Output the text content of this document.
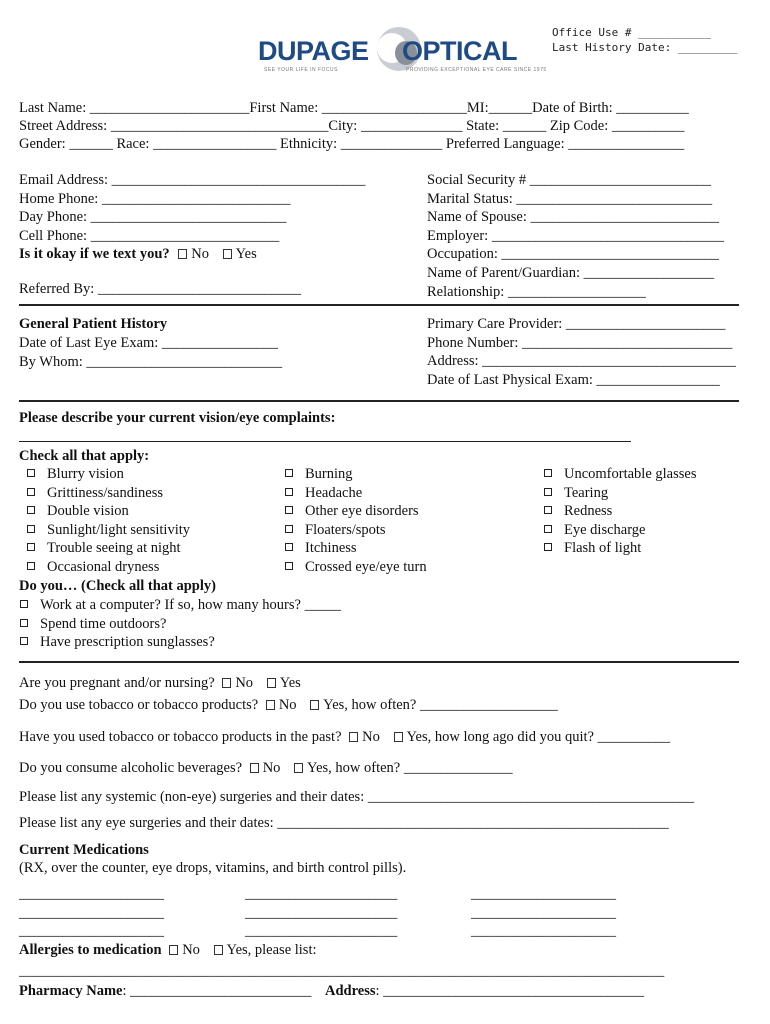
Office Use # ___________
Last History Date: _________
DUPAGE OPTICAL
SEE YOUR LIFE IN FOCUS	PROVIDING EXCEPTIONAL EYE CARE SINCE 1975
Last Name: ______________________First Name: ____________________MI:______Date of Birth: __________
Street Address: ______________________________City: ______________ State: ______ Zip Code: __________
Gender: ______ Race: _________________ Ethnicity: ______________ Preferred Language: ________________
Email Address: ___________________________________
Home Phone: __________________________
Day Phone: ___________________________
Cell Phone: __________________________
Is it okay if we text you? No Yes
Referred By: ____________________________
Social Security # _________________________
Marital Status: ___________________________
Name of Spouse: __________________________
Employer: ________________________________
Occupation: ______________________________
Name of Parent/Guardian: __________________
Relationship: ___________________
General Patient History
Date of Last Eye Exam: ________________
By Whom: ___________________________
Primary Care Provider: ______________________
Phone Number: _____________________________
Address: ___________________________________
Date of Last Physical Exam: _________________
Please describe your current vision/eye complaints:
Check all that apply:
Blurry vision
Grittiness/sandiness
Double vision
Sunlight/light sensitivity
Trouble seeing at night
Occasional dryness
Burning
Headache
Other eye disorders
Floaters/spots
Itchiness
Crossed eye/eye turn
Uncomfortable glasses
Tearing
Redness
Eye discharge
Flash of light
Do you… (Check all that apply)
Work at a computer? If so, how many hours? _____
Spend time outdoors?
Have prescription sunglasses?
Are you pregnant and/or nursing? No Yes
Do you use tobacco or tobacco products? No Yes, how often? ___________________
Have you used tobacco or tobacco products in the past? No Yes, how long ago did you quit? __________
Do you consume alcoholic beverages? No Yes, how often? _______________
Please list any systemic (non-eye) surgeries and their dates: _____________________________________________
Please list any eye surgeries and their dates: ______________________________________________________
Current Medications
(RX, over the counter, eye drops, vitamins, and birth control pills).
____________________
____________________
____________________
_____________________
_____________________
_____________________
____________________
____________________
____________________
Allergies to medication No Yes, please list:
_________________________________________________________________________________________
Pharmacy Name: _________________________ Address: ____________________________________
